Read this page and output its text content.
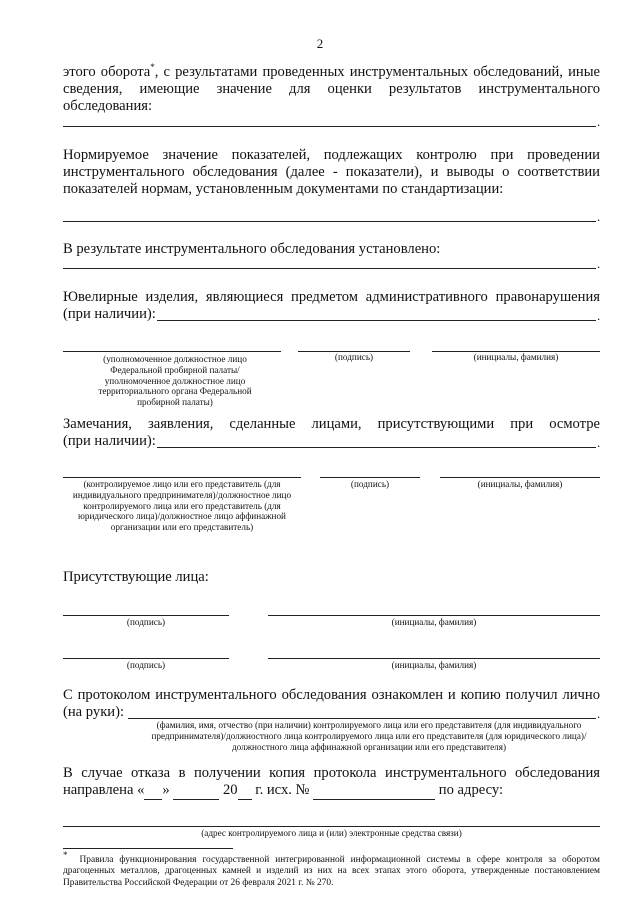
2
этого оборота*, с результатами проведенных инструментальных обследований, иные сведения, имеющие значение для оценки результатов инструментального обследования:
.
Нормируемое значение показателей, подлежащих контролю при проведении инструментального обследования (далее - показатели), и выводы о соответствии показателей нормам, установленным документами по стандартизации:
.
В результате инструментального обследования установлено:
.
Ювелирные изделия, являющиеся предметом административного правонарушения
(при наличии):	.
(уполномоченное должностное лицо Федеральной пробирной палаты/ уполномоченное должностное лицо территориального органа Федеральной пробирной палаты)
(подпись)	(инициалы, фамилия)
Замечания, заявления, сделанные лицами, присутствующими при осмотре
(при наличии):	.
(контролируемое лицо или его представитель (для индивидуального предпринимателя)/должностное лицо контролируемого лица или его представитель (для юридического лица)/должностное лицо аффинажной организации или его представитель)
(подпись)	(инициалы, фамилия)
Присутствующие лица:
(подпись)	(инициалы, фамилия)
(подпись)	(инициалы, фамилия)
С протоколом инструментального обследования ознакомлен и копию получил лично
(на руки):	.
(фамилия, имя, отчество (при наличии) контролируемого лица или его представителя (для индивидуального предпринимателя)/должностного лица контролируемого лица или его представителя (для юридического лица)/должностного лица аффинажной организации или его представителя)
В случае отказа в получении копия протокола инструментального обследования
направлена « »	20 г. исх. №	по адресу:
(адрес контролируемого лица и (или) электронные средства связи)
*  Правила функционирования государственной интегрированной информационной системы в сфере контроля за оборотом драгоценных металлов, драгоценных камней и изделий из них на всех этапах этого оборота, утвержденные постановлением Правительства Российской Федерации от 26 февраля 2021 г. № 270.
